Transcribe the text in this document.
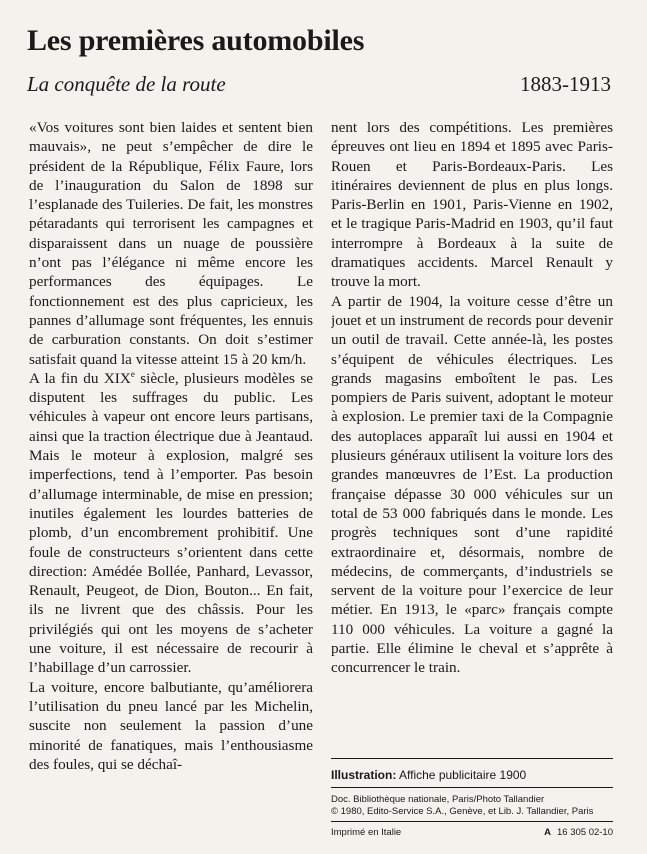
Les premières automobiles
La conquête de la route	1883-1913

«Vos voitures sont bien laides et sentent bien mauvais», ne peut s’empêcher de dire le président de la République, Félix Faure, lors de l’inauguration du Salon de 1898 sur l’esplanade des Tuileries. De fait, les monstres pétaradants qui terrorisent les campagnes et disparaissent dans un nuage de poussière n’ont pas l’élégance ni même encore les performances des équipages. Le fonctionnement est des plus capricieux, les pannes d’allumage sont fréquentes, les ennuis de carburation constants. On doit s’estimer satisfait quand la vitesse atteint 15 à 20 km/h.

A la fin du XIXe siècle, plusieurs modèles se disputent les suffrages du public. Les véhicules à vapeur ont encore leurs partisans, ainsi que la traction électrique due à Jeantaud. Mais le moteur à explosion, malgré ses imperfections, tend à l’emporter. Pas besoin d’allumage interminable, de mise en pression; inutiles également les lourdes batteries de plomb, d’un encombrement prohibitif. Une foule de constructeurs s’orientent dans cette direction: Amédée Bollée, Panhard, Levassor, Renault, Peugeot, de Dion, Bouton... En fait, ils ne livrent que des châssis. Pour les privilégiés qui ont les moyens de s’acheter une voiture, il est nécessaire de recourir à l’habillage d’un carrossier.

La voiture, encore balbutiante, qu’améliorera l’utilisation du pneu lancé par les Michelin, suscite non seulement la passion d’une minorité de fanatiques, mais l’enthousiasme des foules, qui se déchaî-

nent lors des compétitions. Les premières épreuves ont lieu en 1894 et 1895 avec Paris-Rouen et Paris-Bordeaux-Paris. Les itinéraires deviennent de plus en plus longs. Paris-Berlin en 1901, Paris-Vienne en 1902, et le tragique Paris-Madrid en 1903, qu’il faut interrompre à Bordeaux à la suite de dramatiques accidents. Marcel Renault y trouve la mort.

A partir de 1904, la voiture cesse d’être un jouet et un instrument de records pour devenir un outil de travail. Cette année-là, les postes s’équipent de véhicules électriques. Les grands magasins emboîtent le pas. Les pompiers de Paris suivent, adoptant le moteur à explosion. Le premier taxi de la Compagnie des autoplaces apparaît lui aussi en 1904 et plusieurs généraux utilisent la voiture lors des grandes manœuvres de l’Est. La production française dépasse 30 000 véhicules sur un total de 53 000 fabriqués dans le monde. Les progrès techniques sont d’une rapidité extraordinaire et, désormais, nombre de médecins, de commerçants, d’industriels se servent de la voiture pour l’exercice de leur métier. En 1913, le «parc» français compte 110 000 véhicules. La voiture a gagné la partie. Elle élimine le cheval et s’apprête à concurrencer le train.

Illustration: Affiche publicitaire 1900
Doc. Bibliothèque nationale, Paris/Photo Tallandier
© 1980, Edito-Service S.A., Genève, et Lib. J. Tallandier, Paris
Imprimé en Italie	A 16 305 02-10
